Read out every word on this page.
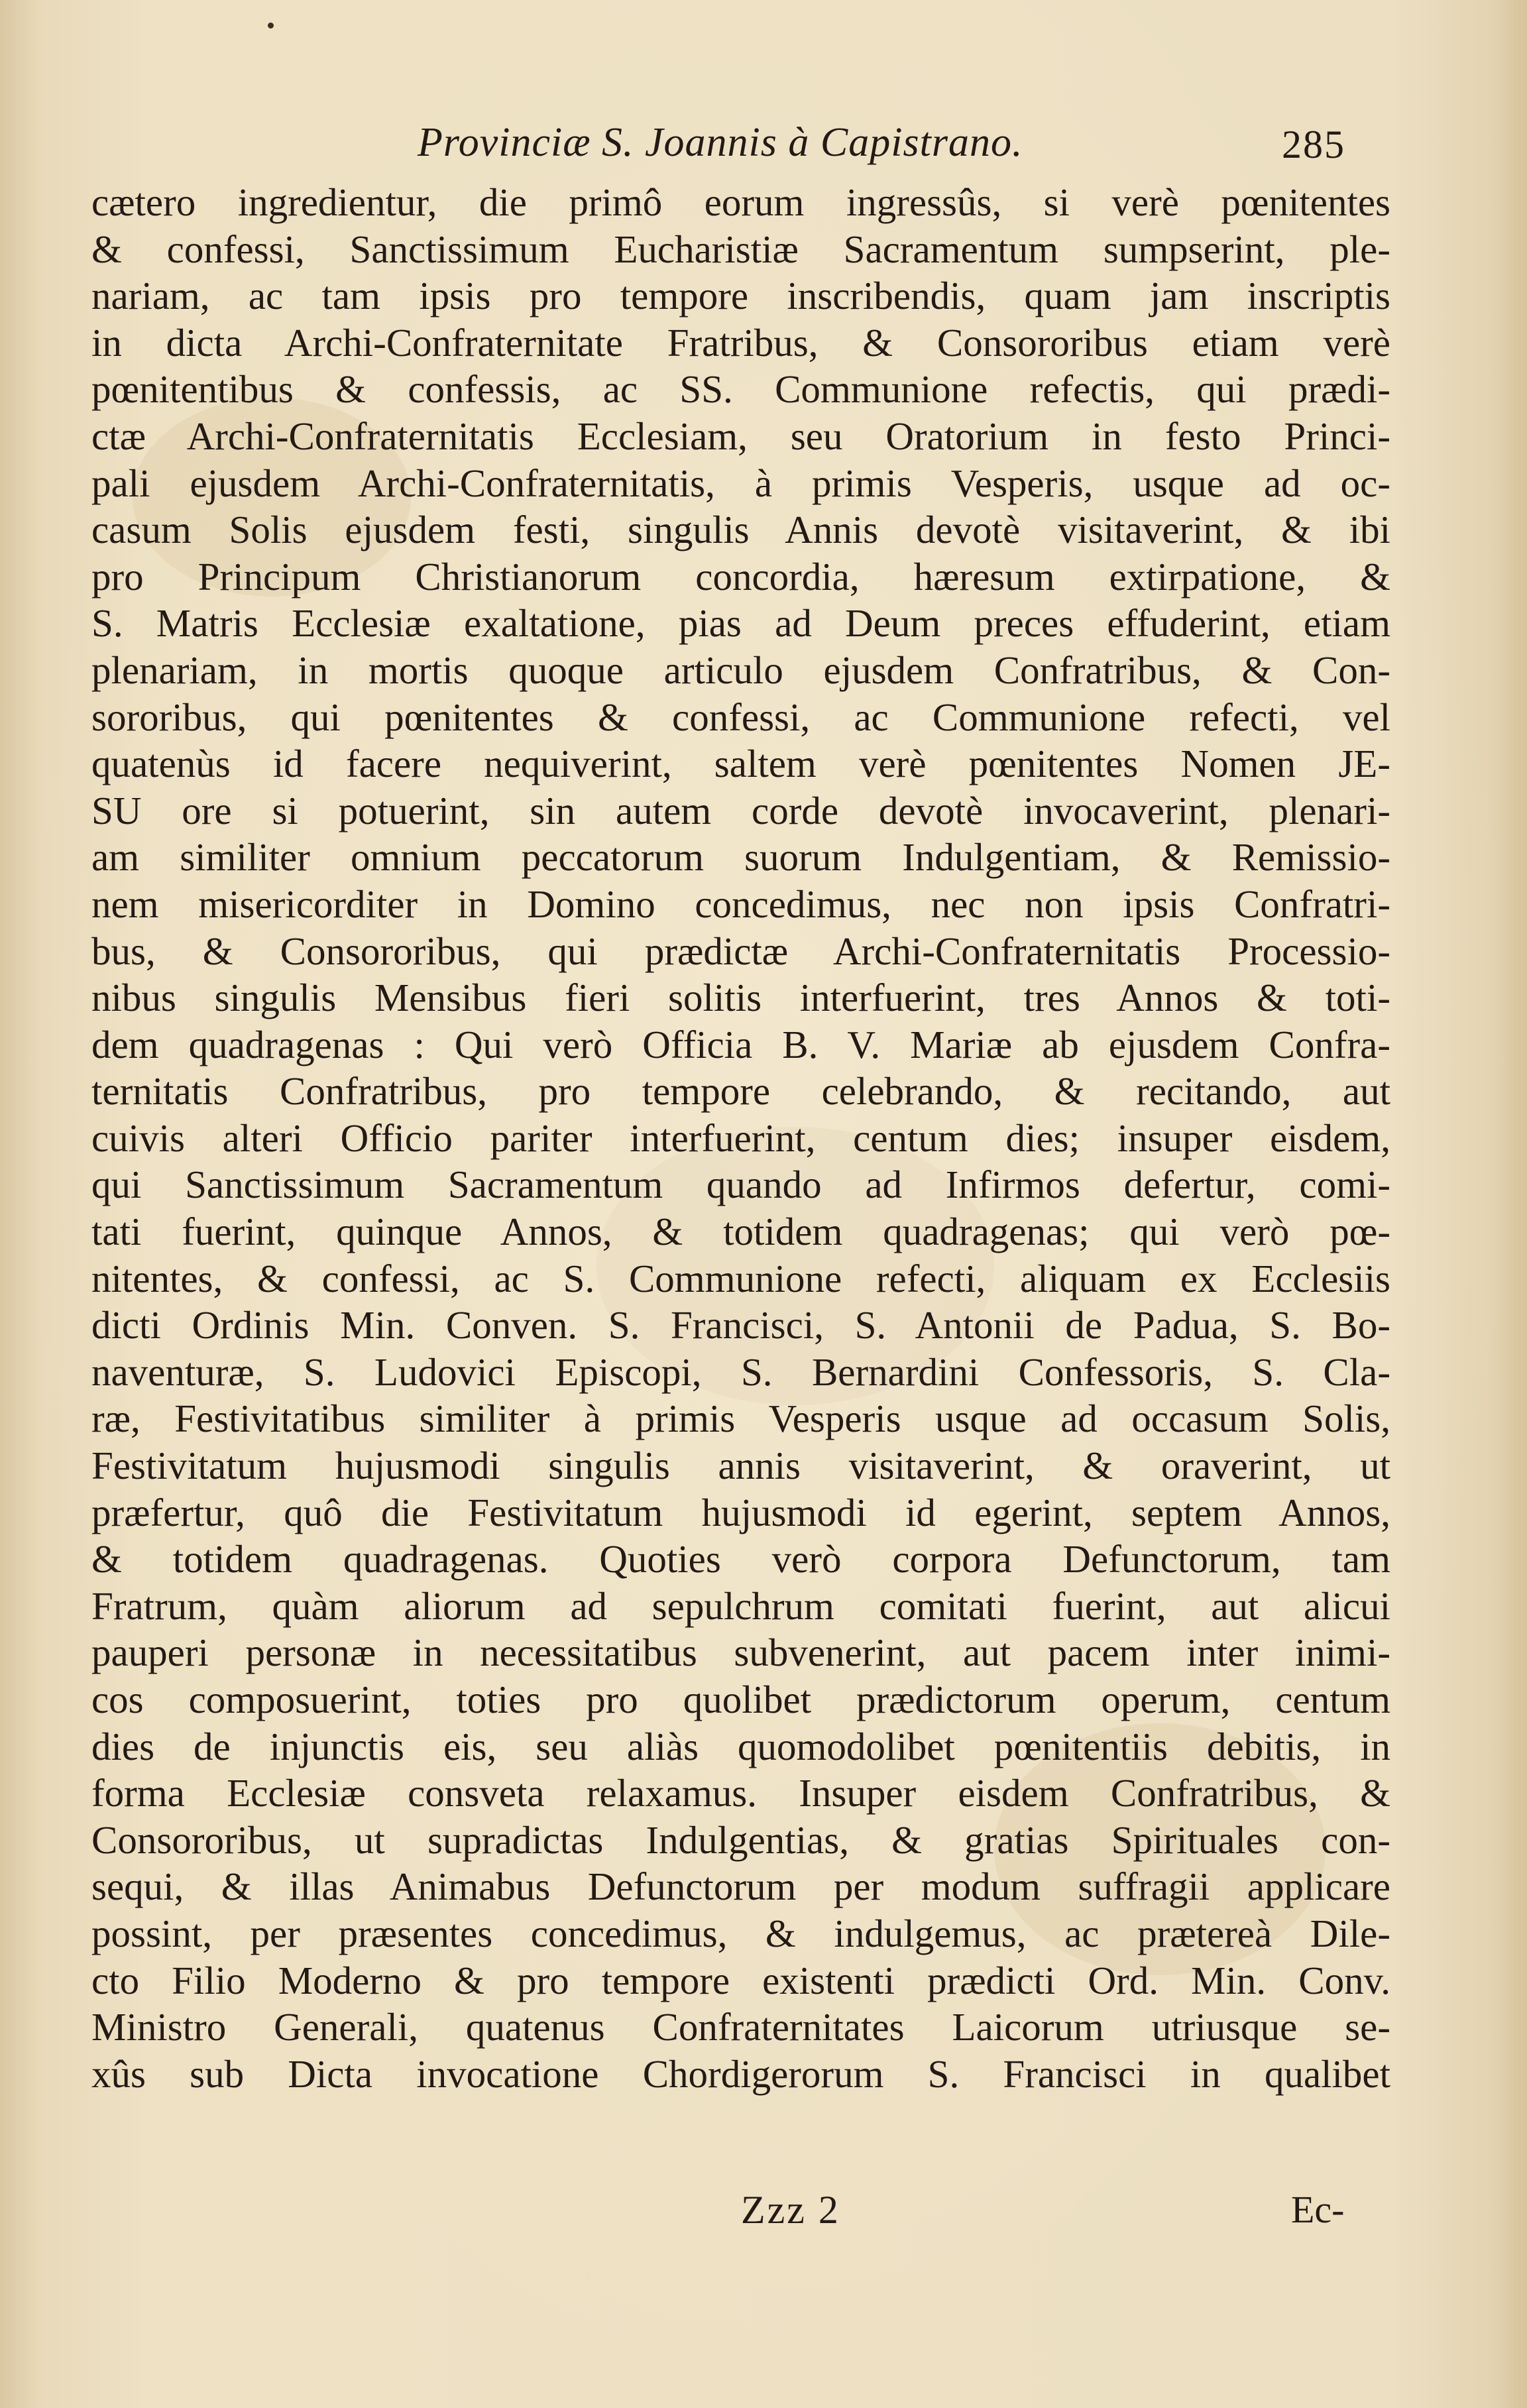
Provinciæ S. Joannis à Capistrano.	285
cætero ingredientur, die primô eorum ingressûs, si verè pœnitentes
& confessi, Sanctissimum Eucharistiæ Sacramentum sumpserint, ple-
nariam, ac tam ipsis pro tempore inscribendis, quam jam inscriptis
in dicta Archi-Confraternitate Fratribus, & Consororibus etiam verè
pœnitentibus & confessis, ac SS. Communione refectis, qui prædi-
ctæ Archi-Confraternitatis Ecclesiam, seu Oratorium in festo Princi-
pali ejusdem Archi-Confraternitatis, à primis Vesperis, usque ad oc-
casum Solis ejusdem festi, singulis Annis devotè visitaverint, & ibi
pro Principum Christianorum concordia, hæresum extirpatione, &
S. Matris Ecclesiæ exaltatione, pias ad Deum preces effuderint, etiam
plenariam, in mortis quoque articulo ejusdem Confratribus, & Con-
sororibus, qui pœnitentes & confessi, ac Communione refecti, vel
quatenùs id facere nequiverint, saltem verè pœnitentes Nomen JE-
SU ore si potuerint, sin autem corde devotè invocaverint, plenari-
am similiter omnium peccatorum suorum Indulgentiam, & Remissio-
nem misericorditer in Domino concedimus, nec non ipsis Confratri-
bus, & Consororibus, qui prædictæ Archi-Confraternitatis Processio-
nibus singulis Mensibus fieri solitis interfuerint, tres Annos & toti-
dem quadragenas : Qui verò Officia B. V. Mariæ ab ejusdem Confra-
ternitatis Confratribus, pro tempore celebrando, & recitando, aut
cuivis alteri Officio pariter interfuerint, centum dies; insuper eisdem,
qui Sanctissimum Sacramentum quando ad Infirmos defertur, comi-
tati fuerint, quinque Annos, & totidem quadragenas; qui verò pœ-
nitentes, & confessi, ac S. Communione refecti, aliquam ex Ecclesiis
dicti Ordinis Min. Conven. S. Francisci, S. Antonii de Padua, S. Bo-
naventuræ, S. Ludovici Episcopi, S. Bernardini Confessoris, S. Cla-
ræ, Festivitatibus similiter à primis Vesperis usque ad occasum Solis,
Festivitatum hujusmodi singulis annis visitaverint, & oraverint, ut
præfertur, quô die Festivitatum hujusmodi id egerint, septem Annos,
& totidem quadragenas. Quoties verò corpora Defunctorum, tam
Fratrum, quàm aliorum ad sepulchrum comitati fuerint, aut alicui
pauperi personæ in necessitatibus subvenerint, aut pacem inter inimi-
cos composuerint, toties pro quolibet prædictorum operum, centum
dies de injunctis eis, seu aliàs quomodolibet pœnitentiis debitis, in
forma Ecclesiæ consveta relaxamus. Insuper eisdem Confratribus, &
Consororibus, ut supradictas Indulgentias, & gratias Spirituales con-
sequi, & illas Animabus Defunctorum per modum suffragii applicare
possint, per præsentes concedimus, & indulgemus, ac prætereà Dile-
cto Filio Moderno & pro tempore existenti prædicti Ord. Min. Conv.
Ministro Generali, quatenus Confraternitates Laicorum utriusque se-
xûs sub Dicta invocatione Chordigerorum S. Francisci in qualibet
Zzz 2	Ec-
